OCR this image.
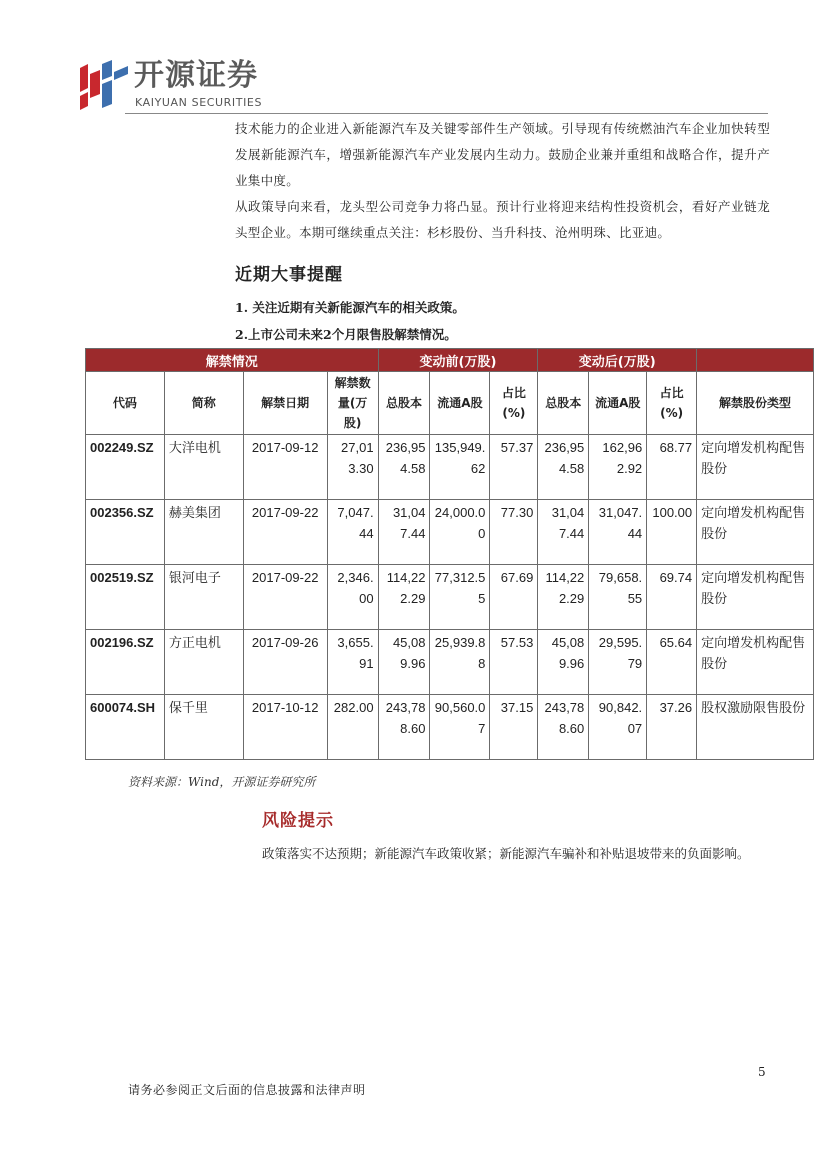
开源证券
KAIYUAN SECURITIES
技术能力的企业进入新能源汽车及关键零部件生产领域。引导现有传统燃油汽车企业加快转型发展新能源汽车，增强新能源汽车产业发展内生动力。鼓励企业兼并重组和战略合作，提升产业集中度。
从政策导向来看，龙头型公司竞争力将凸显。预计行业将迎来结构性投资机会，看好产业链龙头型企业。本期可继续重点关注：杉杉股份、当升科技、沧州明珠、比亚迪。
近期大事提醒
1. 关注近期有关新能源汽车的相关政策。
2.上市公司未来2个月限售股解禁情况。
解禁情况				变动前(万股)			变动后(万股)			
代码	简称	解禁日期	解禁数量(万股)	总股本	流通A股	占比(%)	总股本	流通A股	占比(%)	解禁股份类型
002249.SZ	大洋电机	2017-09-12	27,013.30	236,954.58	135,949.62	57.37	236,954.58	162,962.92	68.77	定向增发机构配售股份
002356.SZ	赫美集团	2017-09-22	7,047.44	31,047.44	24,000.00	77.30	31,047.44	31,047.44	100.00	定向增发机构配售股份
002519.SZ	银河电子	2017-09-22	2,346.00	114,222.29	77,312.55	67.69	114,222.29	79,658.55	69.74	定向增发机构配售股份
002196.SZ	方正电机	2017-09-26	3,655.91	45,089.96	25,939.88	57.53	45,089.96	29,595.79	65.64	定向增发机构配售股份
600074.SH	保千里	2017-10-12	282.00	243,788.60	90,560.07	37.15	243,788.60	90,842.07	37.26	股权激励限售股份
资料来源：Wind，开源证券研究所
风险提示
政策落实不达预期；新能源汽车政策收紧；新能源汽车骗补和补贴退坡带来的负面影响。
5
请务必参阅正文后面的信息披露和法律声明
